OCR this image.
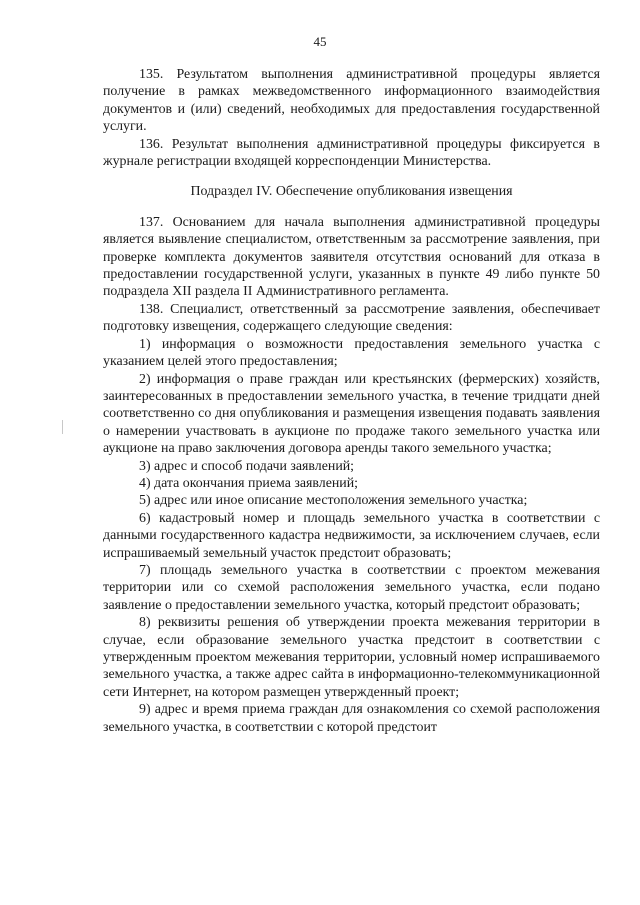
45

135. Результатом выполнения административной процедуры является получение в рамках межведомственного информационного взаимодействия документов и (или) сведений, необходимых для предоставления государственной услуги.

136. Результат выполнения административной процедуры фиксируется в журнале регистрации входящей корреспонденции Министерства.

Подраздел IV. Обеспечение опубликования извещения

137. Основанием для начала выполнения административной процедуры является выявление специалистом, ответственным за рассмотрение заявления, при проверке комплекта документов заявителя отсутствия оснований для отказа в предоставлении государственной услуги, указанных в пункте 49 либо пункте 50 подраздела XII раздела II Административного регламента.

138. Специалист, ответственный за рассмотрение заявления, обеспечивает подготовку извещения, содержащего следующие сведения:

1) информация о возможности предоставления земельного участка с указанием целей этого предоставления;

2) информация о праве граждан или крестьянских (фермерских) хозяйств, заинтересованных в предоставлении земельного участка, в течение тридцати дней соответственно со дня опубликования и размещения извещения подавать заявления о намерении участвовать в аукционе по продаже такого земельного участка или аукционе на право заключения договора аренды такого земельного участка;

3) адрес и способ подачи заявлений;

4) дата окончания приема заявлений;

5) адрес или иное описание местоположения земельного участка;

6) кадастровый номер и площадь земельного участка в соответствии с данными государственного кадастра недвижимости, за исключением случаев, если испрашиваемый земельный участок предстоит образовать;

7) площадь земельного участка в соответствии с проектом межевания территории или со схемой расположения земельного участка, если подано заявление о предоставлении земельного участка, который предстоит образовать;

8) реквизиты решения об утверждении проекта межевания территории в случае, если образование земельного участка предстоит в соответствии с утвержденным проектом межевания территории, условный номер испрашиваемого земельного участка, а также адрес сайта в информационно-телекоммуникационной сети Интернет, на котором размещен утвержденный проект;

9) адрес и время приема граждан для ознакомления со схемой расположения земельного участка, в соответствии с которой предстоит
